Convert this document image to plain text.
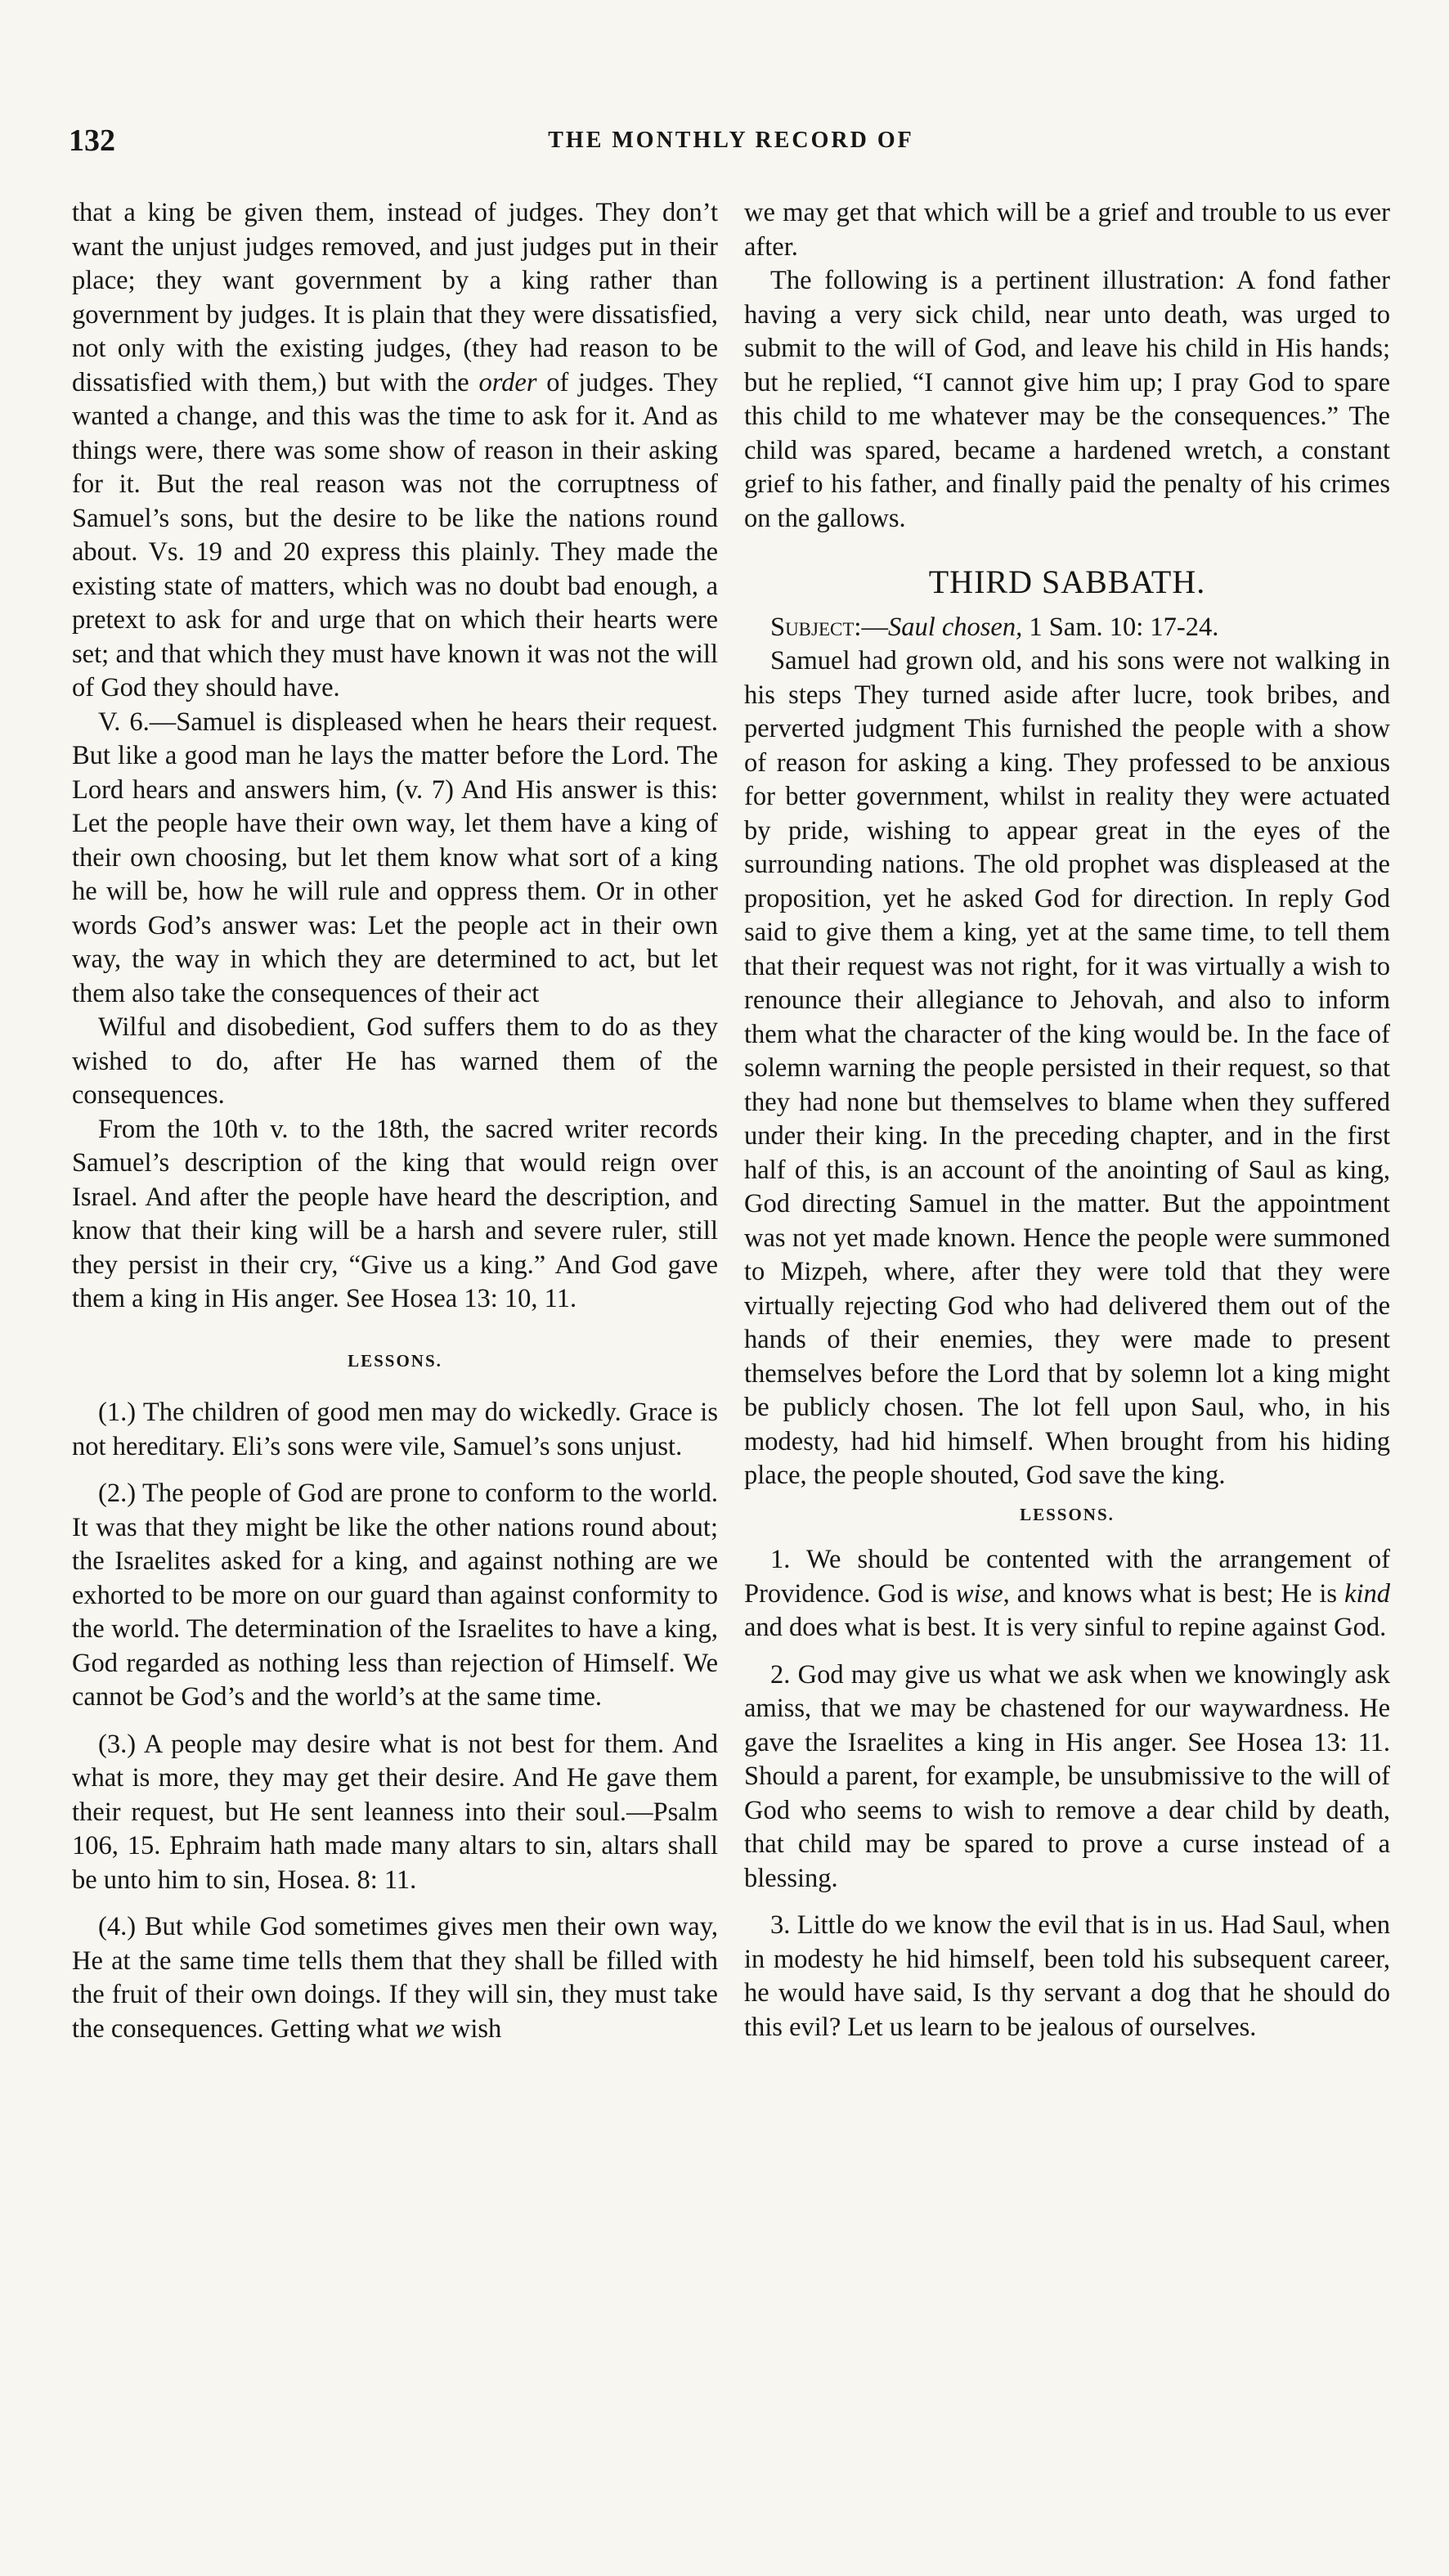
132	THE MONTHLY RECORD OF

that a king be given them, instead of judges. They don’t want the unjust judges removed, and just judges put in their place; they want government by a king rather than government by judges. It is plain that they were dissatisfied, not only with the existing judges, (they had reason to be dissatisfied with them,) but with the order of judges. They wanted a change, and this was the time to ask for it. And as things were, there was some show of reason in their asking for it. But the real reason was not the corruptness of Samuel’s sons, but the desire to be like the nations round about. Vs. 19 and 20 express this plainly. They made the existing state of matters, which was no doubt bad enough, a pretext to ask for and urge that on which their hearts were set; and that which they must have known it was not the will of God they should have.

V. 6.—Samuel is displeased when he hears their request. But like a good man he lays the matter before the Lord. The Lord hears and answers him, (v. 7) And His answer is this: Let the people have their own way, let them have a king of their own choosing, but let them know what sort of a king he will be, how he will rule and oppress them. Or in other words God’s answer was: Let the people act in their own way, the way in which they are determined to act, but let them also take the consequences of their act

Wilful and disobedient, God suffers them to do as they wished to do, after He has warned them of the consequences.

From the 10th v. to the 18th, the sacred writer records Samuel’s description of the king that would reign over Israel. And after the people have heard the description, and know that their king will be a harsh and severe ruler, still they persist in their cry, “Give us a king.” And God gave them a king in His anger. See Hosea 13: 10, 11.

LESSONS.

(1.) The children of good men may do wickedly. Grace is not hereditary. Eli’s sons were vile, Samuel’s sons unjust.

(2.) The people of God are prone to conform to the world. It was that they might be like the other nations round about; the Israelites asked for a king, and against nothing are we exhorted to be more on our guard than against conformity to the world. The determination of the Israelites to have a king, God regarded as nothing less than rejection of Himself. We cannot be God’s and the world’s at the same time.

(3.) A people may desire what is not best for them. And what is more, they may get their desire. And He gave them their request, but He sent leanness into their soul.—Psalm 106, 15. Ephraim hath made many altars to sin, altars shall be unto him to sin, Hosea. 8: 11.

(4.) But while God sometimes gives men their own way, He at the same time tells them that they shall be filled with the fruit of their own doings. If they will sin, they must take the consequences. Getting what we wish

we may get that which will be a grief and trouble to us ever after.

The following is a pertinent illustration: A fond father having a very sick child, near unto death, was urged to submit to the will of God, and leave his child in His hands; but he replied, “I cannot give him up; I pray God to spare this child to me whatever may be the consequences.” The child was spared, became a hardened wretch, a constant grief to his father, and finally paid the penalty of his crimes on the gallows.

THIRD SABBATH.

Subject:—Saul chosen, 1 Sam. 10: 17-24.

Samuel had grown old, and his sons were not walking in his steps They turned aside after lucre, took bribes, and perverted judgment This furnished the people with a show of reason for asking a king. They professed to be anxious for better government, whilst in reality they were actuated by pride, wishing to appear great in the eyes of the surrounding nations. The old prophet was displeased at the proposition, yet he asked God for direction. In reply God said to give them a king, yet at the same time, to tell them that their request was not right, for it was virtually a wish to renounce their allegiance to Jehovah, and also to inform them what the character of the king would be. In the face of solemn warning the people persisted in their request, so that they had none but themselves to blame when they suffered under their king. In the preceding chapter, and in the first half of this, is an account of the anointing of Saul as king, God directing Samuel in the matter. But the appointment was not yet made known. Hence the people were summoned to Mizpeh, where, after they were told that they were virtually rejecting God who had delivered them out of the hands of their enemies, they were made to present themselves before the Lord that by solemn lot a king might be publicly chosen. The lot fell upon Saul, who, in his modesty, had hid himself. When brought from his hiding place, the people shouted, God save the king.

LESSONS.

1. We should be contented with the arrangement of Providence. God is wise, and knows what is best; He is kind and does what is best. It is very sinful to repine against God.

2. God may give us what we ask when we knowingly ask amiss, that we may be chastened for our waywardness. He gave the Israelites a king in His anger. See Hosea 13: 11. Should a parent, for example, be unsubmissive to the will of God who seems to wish to remove a dear child by death, that child may be spared to prove a curse instead of a blessing.

3. Little do we know the evil that is in us. Had Saul, when in modesty he hid himself, been told his subsequent career, he would have said, Is thy servant a dog that he should do this evil? Let us learn to be jealous of ourselves.
